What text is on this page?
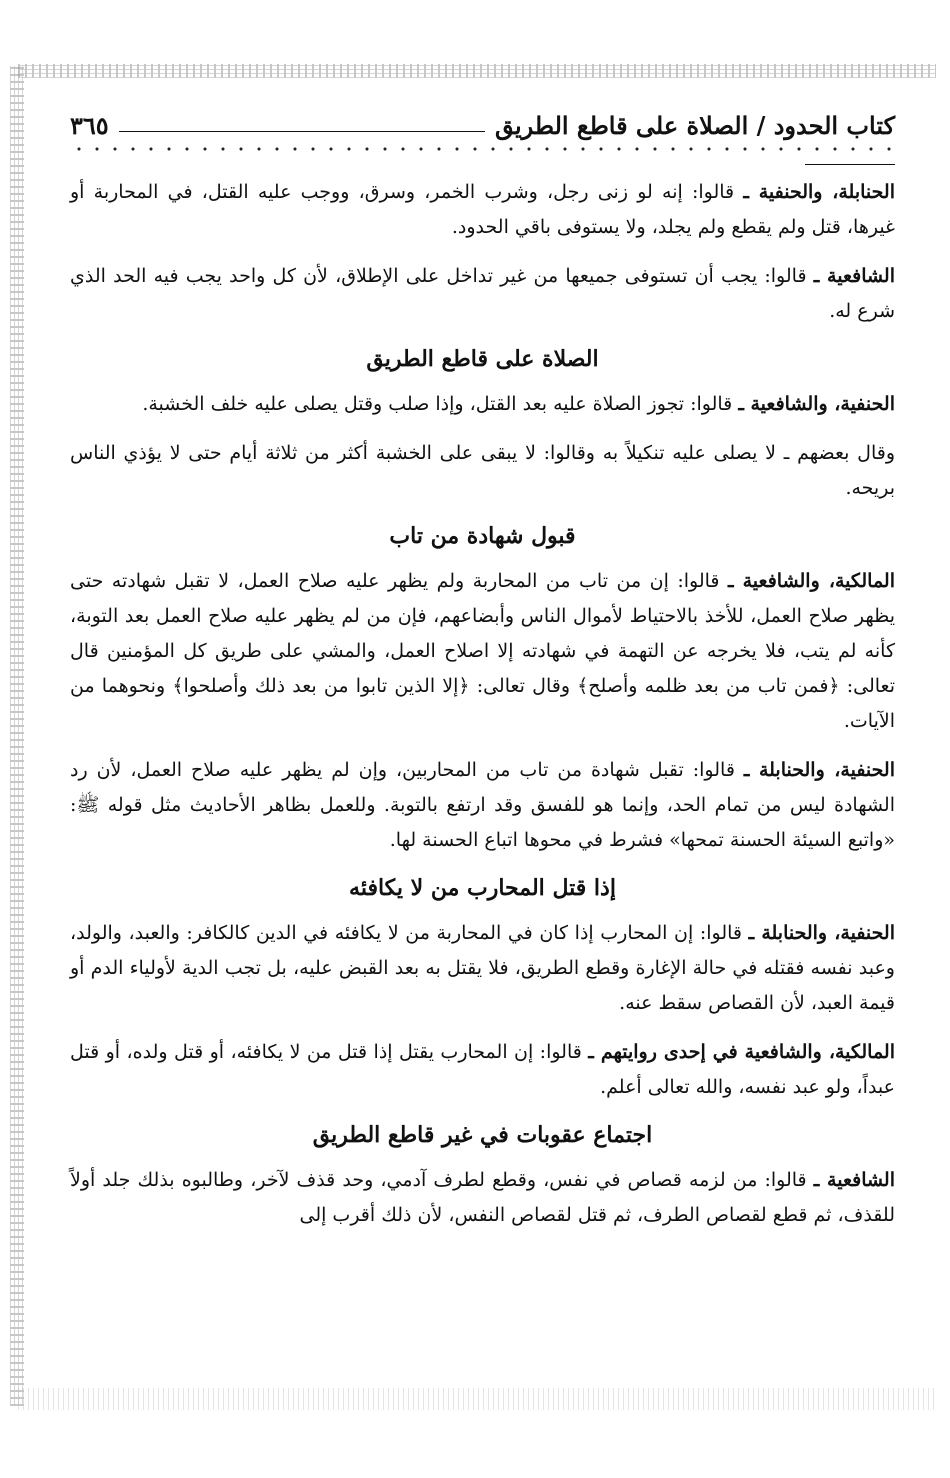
كتاب الحدود / الصلاة على قاطع الطريق
٣٦٥

الحنابلة، والحنفية ـ قالوا: إنه لو زنى رجل، وشرب الخمر، وسرق، ووجب عليه القتل، في المحاربة أو غيرها، قتل ولم يقطع ولم يجلد، ولا يستوفى باقي الحدود.

الشافعية ـ قالوا: يجب أن تستوفى جميعها من غير تداخل على الإطلاق، لأن كل واحد يجب فيه الحد الذي شرع له.

الصلاة على قاطع الطريق

الحنفية، والشافعية ـ قالوا: تجوز الصلاة عليه بعد القتل، وإذا صلب وقتل يصلى عليه خلف الخشبة.

وقال بعضهم ـ لا يصلى عليه تنكيلاً به وقالوا: لا يبقى على الخشبة أكثر من ثلاثة أيام حتى لا يؤذي الناس بريحه.

قبول شهادة من تاب

المالكية، والشافعية ـ قالوا: إن من تاب من المحاربة ولم يظهر عليه صلاح العمل، لا تقبل شهادته حتى يظهر صلاح العمل، للأخذ بالاحتياط لأموال الناس وأبضاعهم، فإن من لم يظهر عليه صلاح العمل بعد التوبة، كأنه لم يتب، فلا يخرجه عن التهمة في شهادته إلا اصلاح العمل، والمشي على طريق كل المؤمنين قال تعالى: ﴿فمن تاب من بعد ظلمه وأصلح﴾ وقال تعالى: ﴿إلا الذين تابوا من بعد ذلك وأصلحوا﴾ ونحوهما من الآيات.

الحنفية، والحنابلة ـ قالوا: تقبل شهادة من تاب من المحاربين، وإن لم يظهر عليه صلاح العمل، لأن رد الشهادة ليس من تمام الحد، وإنما هو للفسق وقد ارتفع بالتوبة. وللعمل بظاهر الأحاديث مثل قوله ﷺ: «واتبع السيئة الحسنة تمحها» فشرط في محوها اتباع الحسنة لها.

إذا قتل المحارب من لا يكافئه

الحنفية، والحنابلة ـ قالوا: إن المحارب إذا كان في المحاربة من لا يكافئه في الدين كالكافر: والعبد، والولد، وعبد نفسه فقتله في حالة الإغارة وقطع الطريق، فلا يقتل به بعد القبض عليه، بل تجب الدية لأولياء الدم أو قيمة العبد، لأن القصاص سقط عنه.

المالكية، والشافعية في إحدى روايتهم ـ قالوا: إن المحارب يقتل إذا قتل من لا يكافئه، أو قتل ولده، أو قتل عبداً، ولو عبد نفسه، والله تعالى أعلم.

اجتماع عقوبات في غير قاطع الطريق

الشافعية ـ قالوا: من لزمه قصاص في نفس، وقطع لطرف آدمي، وحد قذف لآخر، وطالبوه بذلك جلد أولاً للقذف، ثم قطع لقصاص الطرف، ثم قتل لقصاص النفس، لأن ذلك أقرب إلى
